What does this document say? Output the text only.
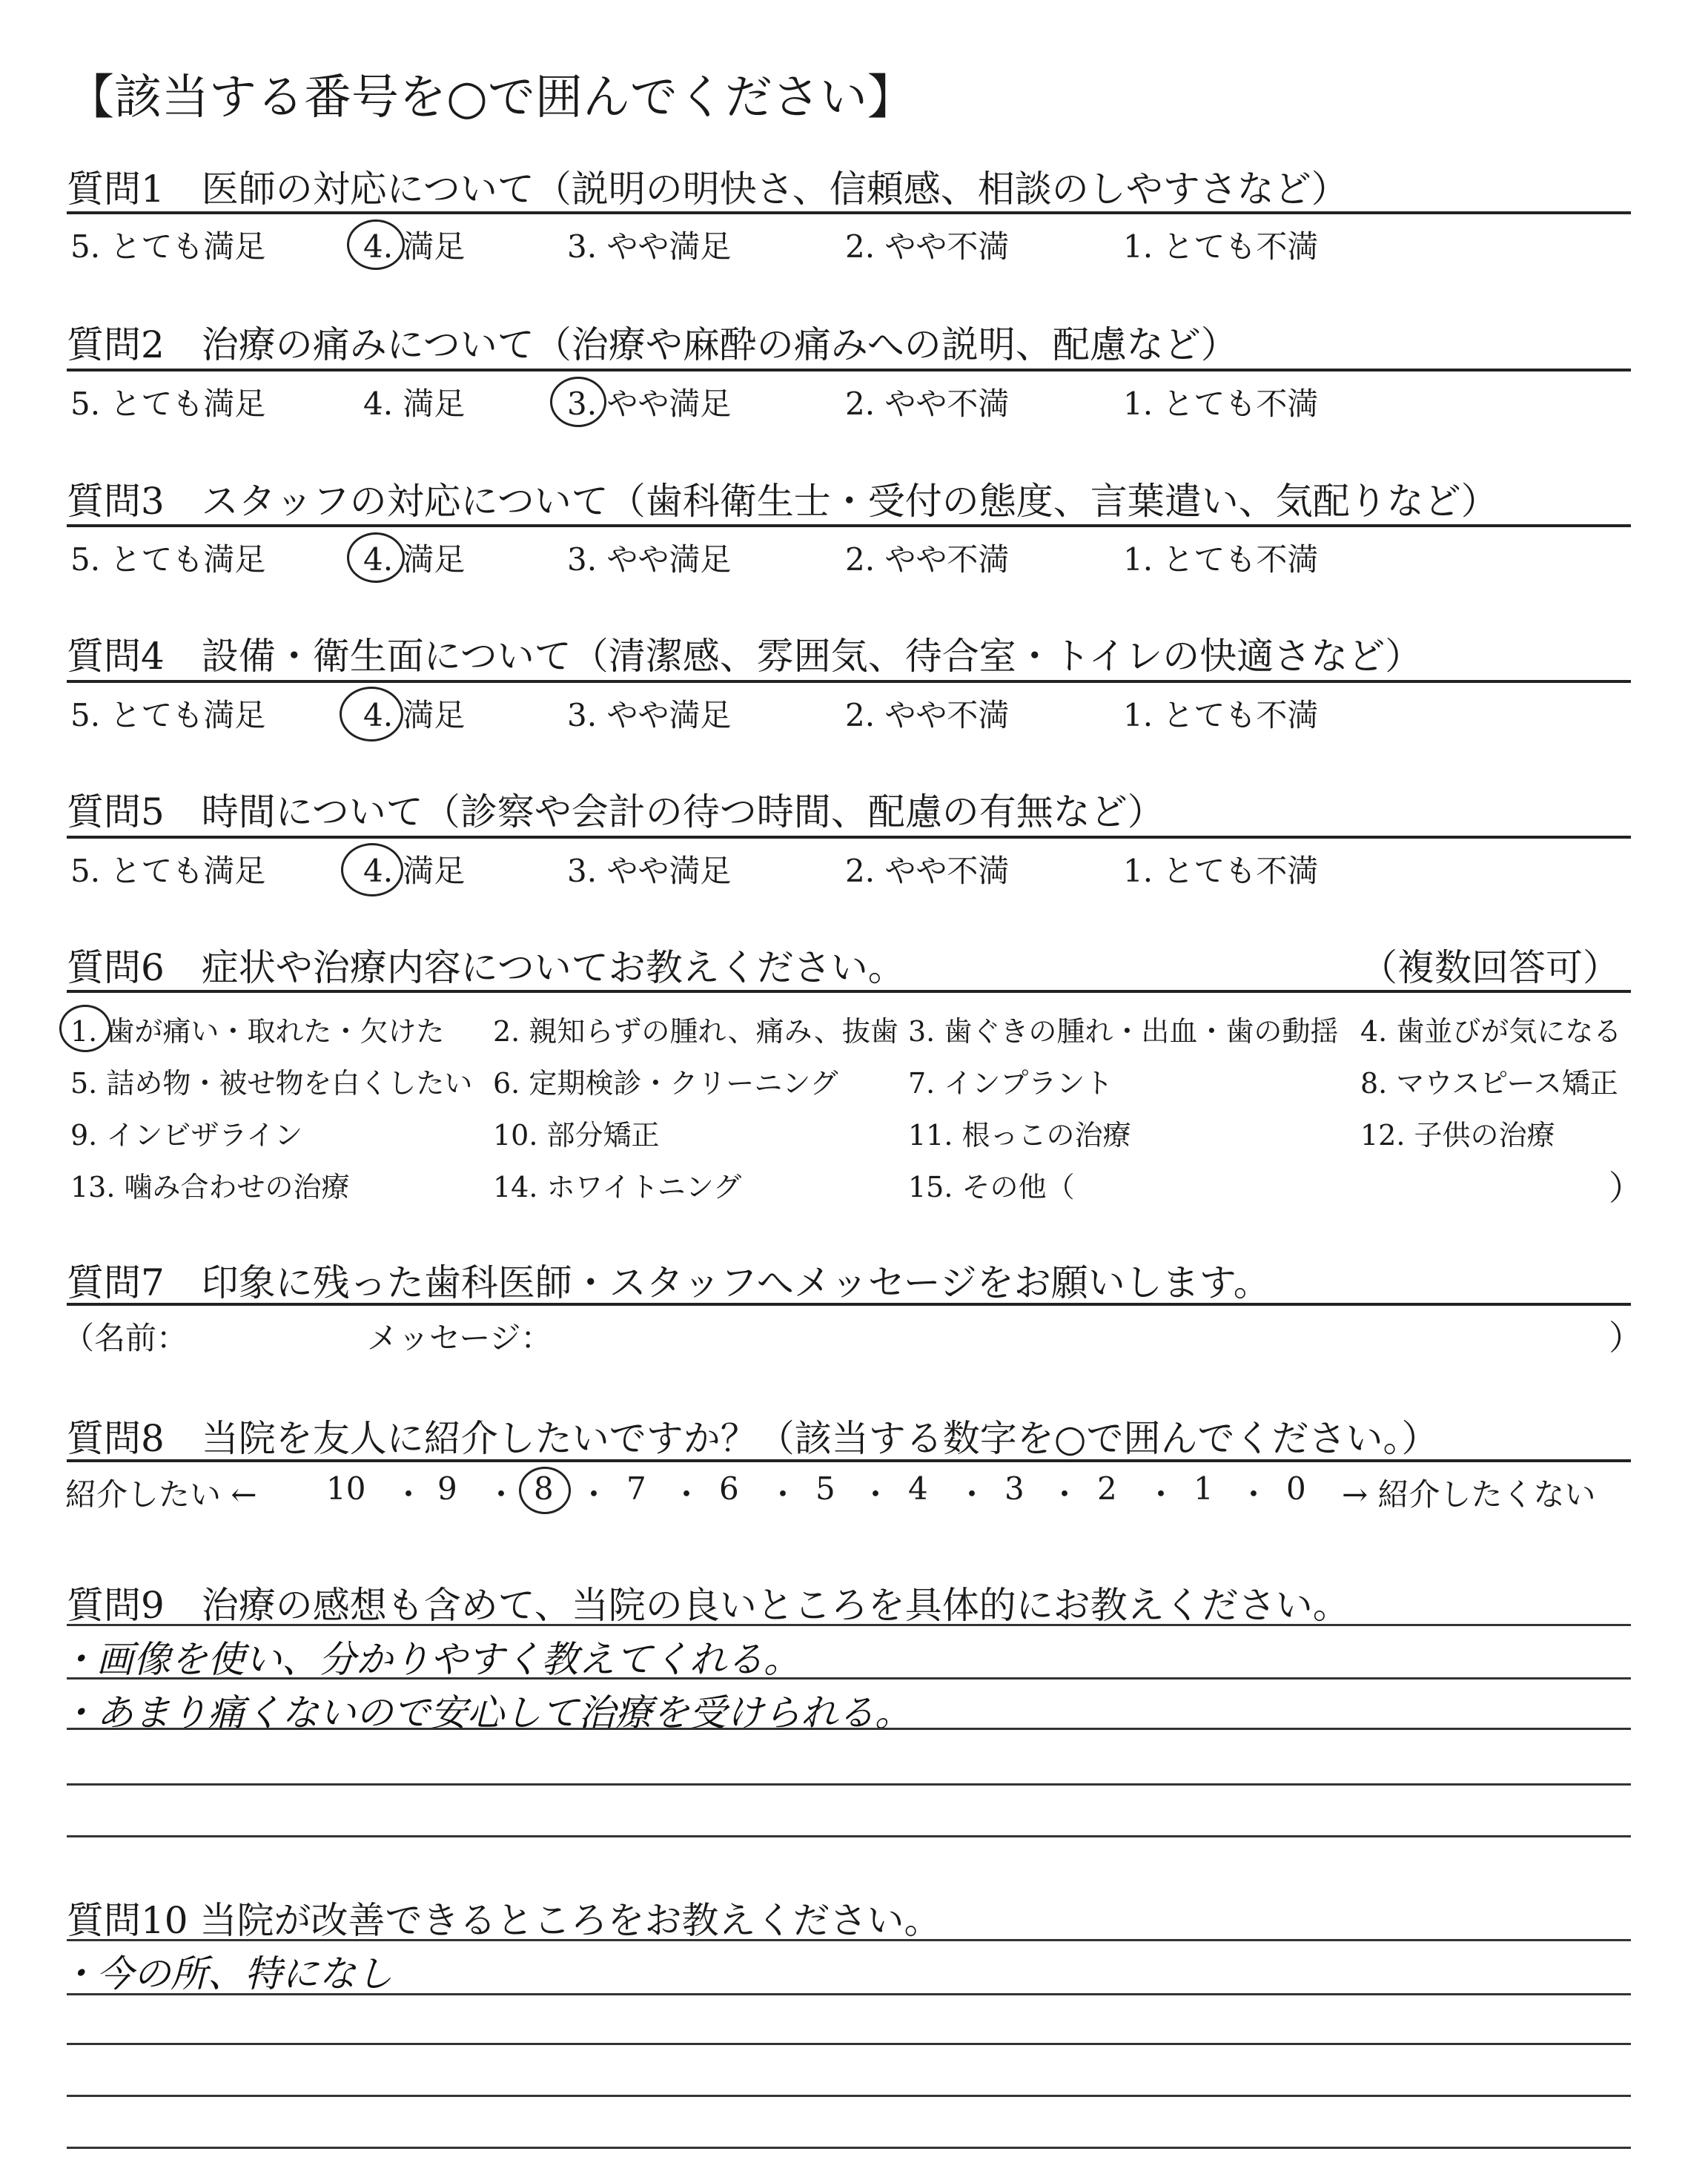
【該当する番号を○で囲んでください】
質問1　医師の対応について（説明の明快さ、信頼感、相談のしやすさなど）
5. とても満足	4. 満足	3. やや満足	2. やや不満	1. とても不満
質問2　治療の痛みについて（治療や麻酔の痛みへの説明、配慮など）
5. とても満足	4. 満足	3. やや満足	2. やや不満	1. とても不満
質問3　スタッフの対応について（歯科衛生士・受付の態度、言葉遣い、気配りなど）
5. とても満足	4. 満足	3. やや満足	2. やや不満	1. とても不満
質問4　設備・衛生面について（清潔感、雰囲気、待合室・トイレの快適さなど）
5. とても満足	4. 満足	3. やや満足	2. やや不満	1. とても不満
質問5　時間について（診察や会計の待つ時間、配慮の有無など）
5. とても満足	4. 満足	3. やや満足	2. やや不満	1. とても不満
質問6　症状や治療内容についてお教えください。	（複数回答可）
1. 歯が痛い・取れた・欠けた 2. 親知らずの腫れ、痛み、抜歯 3. 歯ぐきの腫れ・出血・歯の動揺 4. 歯並びが気になる
5. 詰め物・被せ物を白くしたい 6. 定期検診・クリーニング 7. インプラント	8. マウスピース矯正
9. インビザライン	10. 部分矯正	11. 根っこの治療	12. 子供の治療
13. 噛み合わせの治療	14. ホワイトニング	15. その他（	）
質問7　印象に残った歯科医師・スタッフへメッセージをお願いします。
（名前：	メッセージ：	）
質問8　当院を友人に紹介したいですか？（該当する数字を○で囲んでください。）
紹介したい ← 10 ・ 9 ・ 8 ・ 7 ・ 6 ・ 5 ・ 4 ・ 3 ・ 2 ・ 1 ・ 0 → 紹介したくない
質問9　治療の感想も含めて、当院の良いところを具体的にお教えください。
・画像を使い、分かりやすく教えてくれる。
・あまり痛くないので安心して治療を受けられる。
質問10 当院が改善できるところをお教えください。
・今の所、特になし
